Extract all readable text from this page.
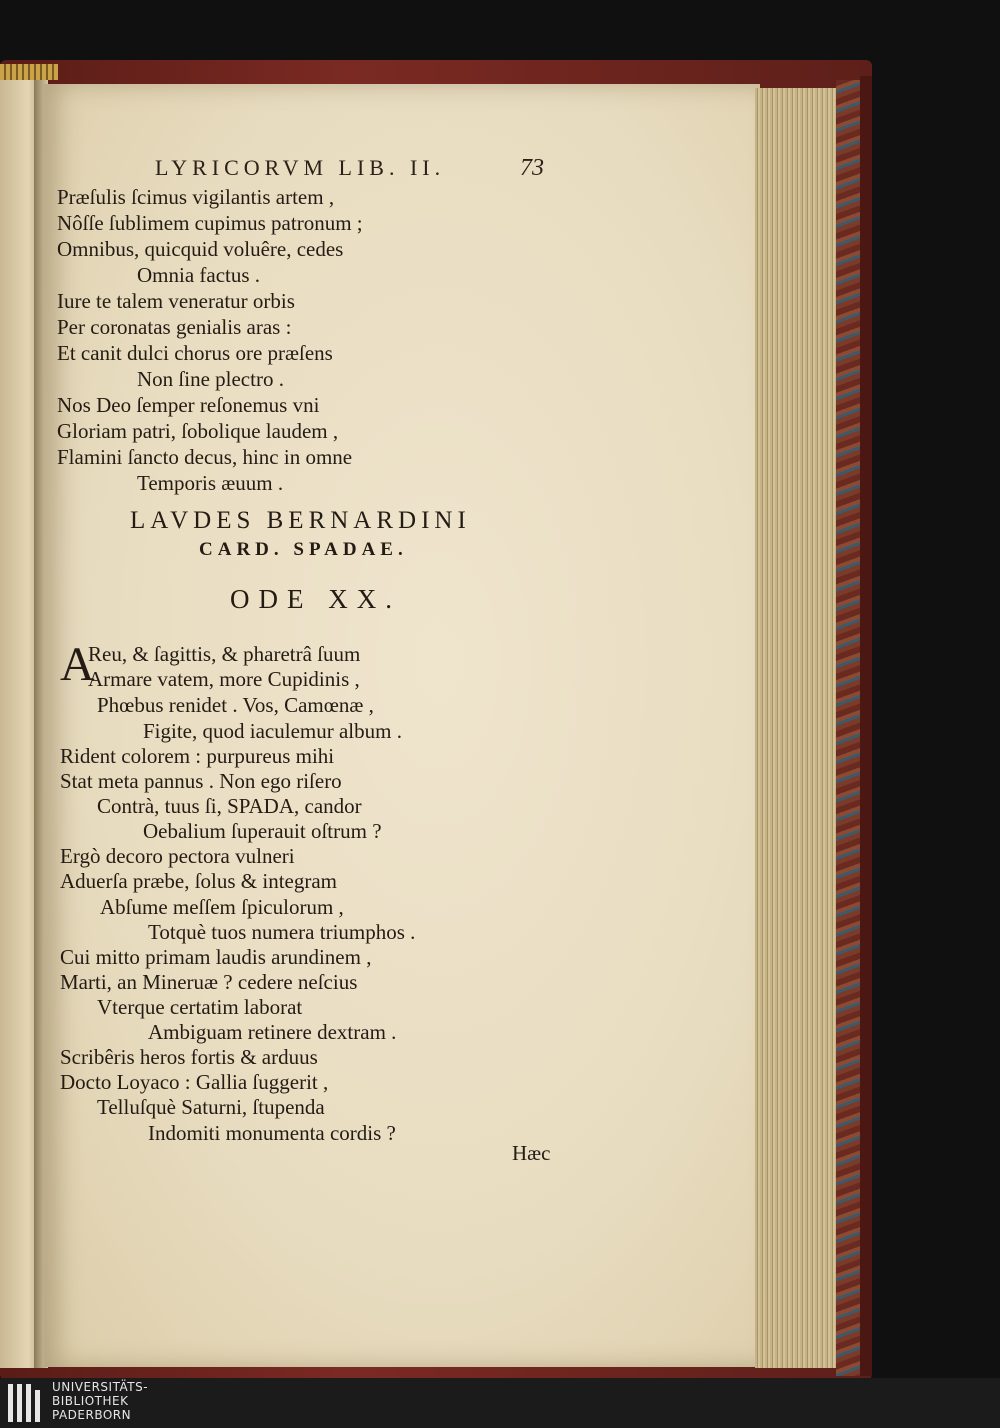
LYRICORVM LIB. II.	73
Præſulis ſcimus vigilantis artem ,
Nôſſe ſublimem cupimus patronum ;
Omnibus, quicquid voluêre, cedes
Omnia factus .
Iure te talem veneratur orbis
Per coronatas genialis aras :
Et canit dulci chorus ore præſens
Non ſine plectro .
Nos Deo ſemper reſonemus vni
Gloriam patri, ſobolique laudem ,
Flamini ſancto decus, hinc in omne
Temporis æuum .
LAVDES BERNARDINI
CARD. SPADAE.
ODE XX.
A
Reu, & ſagittis, & pharetrâ ſuum
Armare vatem, more Cupidinis ,
Phœbus renidet . Vos, Camœnæ ,
Figite, quod iaculemur album .
Rident colorem : purpureus mihi
Stat meta pannus . Non ego riſero
Contrà, tuus ſi, SPADA, candor
Oebalium ſuperauit oſtrum ?
Ergò decoro pectora vulneri
Aduerſa præbe, ſolus & integram
Abſume meſſem ſpiculorum ,
Totquè tuos numera triumphos .
Cui mitto primam laudis arundinem ,
Marti, an Mineruæ ? cedere neſcius
Vterque certatim laborat
Ambiguam retinere dextram .
Scribêris heros fortis & arduus
Docto Loyaco : Gallia ſuggerit ,
Telluſquè Saturni, ſtupenda
Indomiti monumenta cordis ?
Hæc
UNIVERSITÄTS-
BIBLIOTHEK
PADERBORN
